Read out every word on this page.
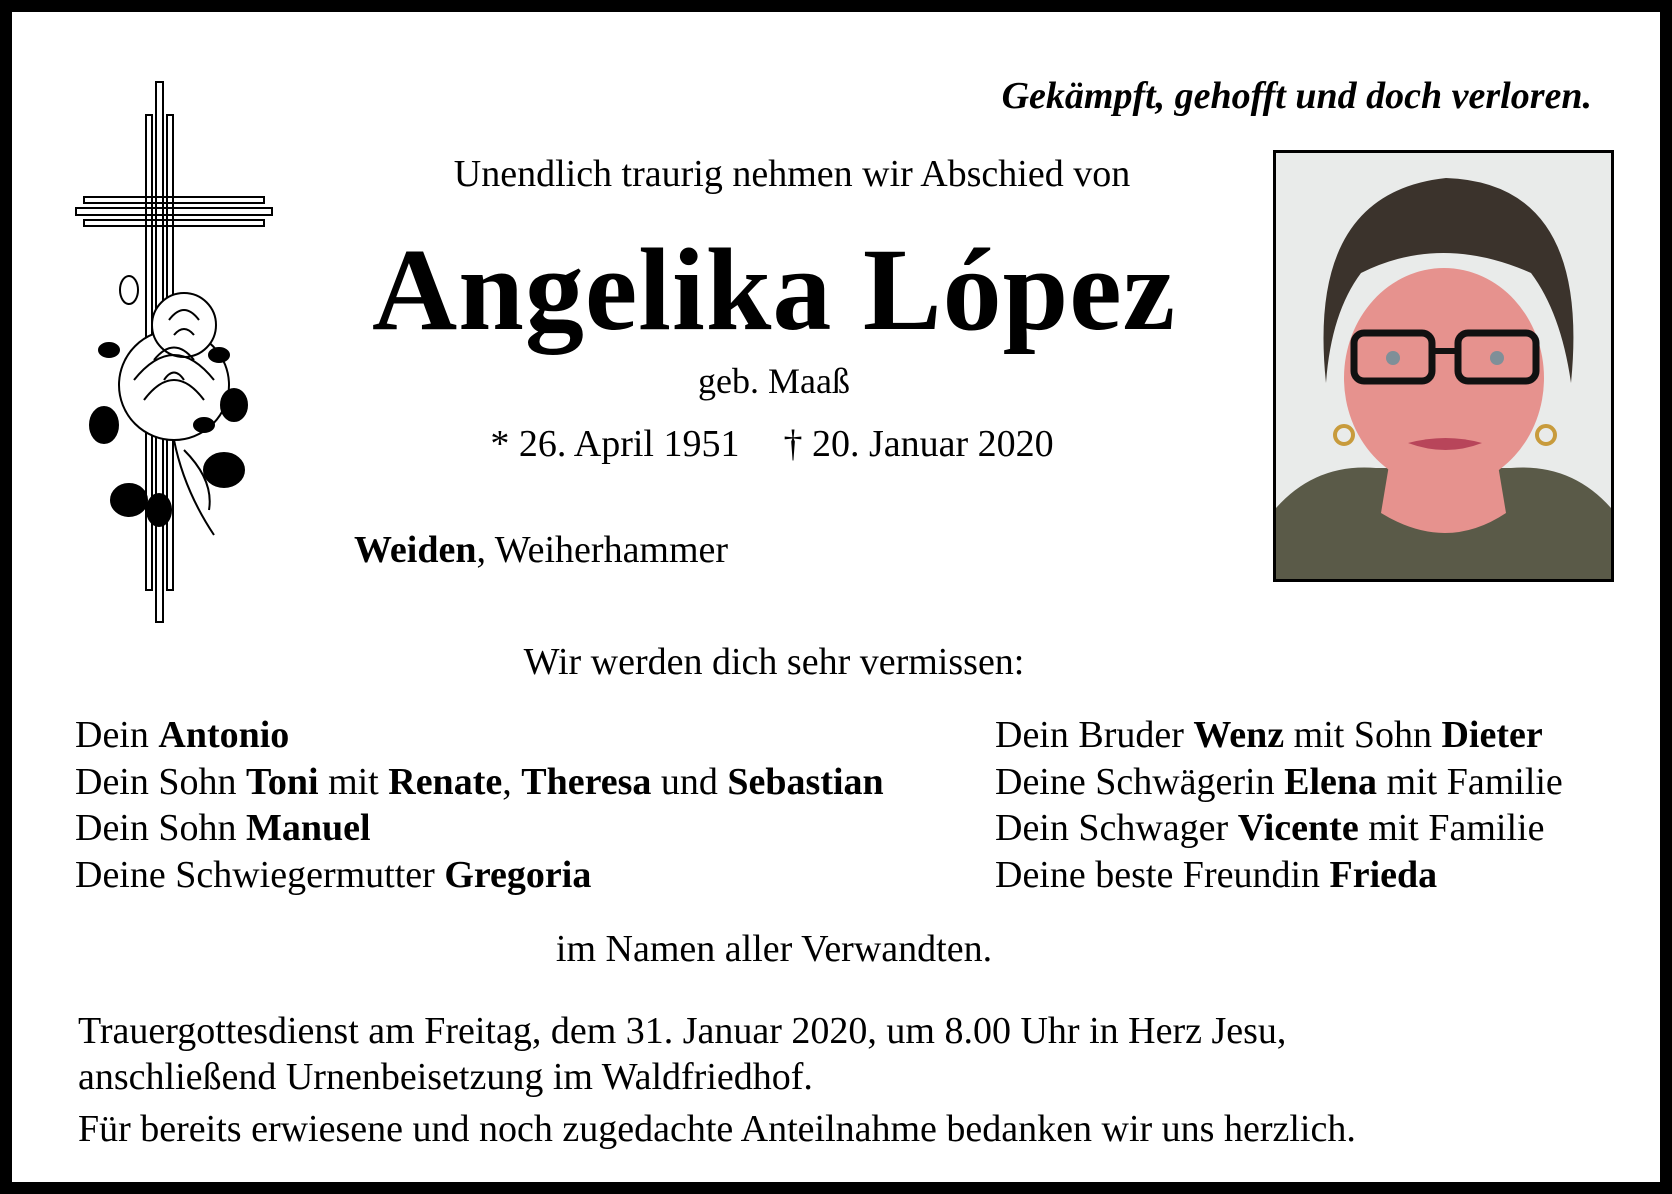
Gekämpft, gehofft und doch verloren.
Unendlich traurig nehmen wir Abschied von
Angelika López
geb. Maaß
* 26. April 1951 † 20. Januar 2020
Weiden, Weiherhammer
Wir werden dich sehr vermissen:
Dein Antonio
Dein Sohn Toni mit Renate, Theresa und Sebastian
Dein Sohn Manuel
Deine Schwiegermutter Gregoria
Dein Bruder Wenz mit Sohn Dieter
Deine Schwägerin Elena mit Familie
Dein Schwager Vicente mit Familie
Deine beste Freundin Frieda
im Namen aller Verwandten.
Trauergottesdienst am Freitag, dem 31. Januar 2020, um 8.00 Uhr in Herz Jesu,
anschließend Urnenbeisetzung im Waldfriedhof.
Für bereits erwiesene und noch zugedachte Anteilnahme bedanken wir uns herzlich.
